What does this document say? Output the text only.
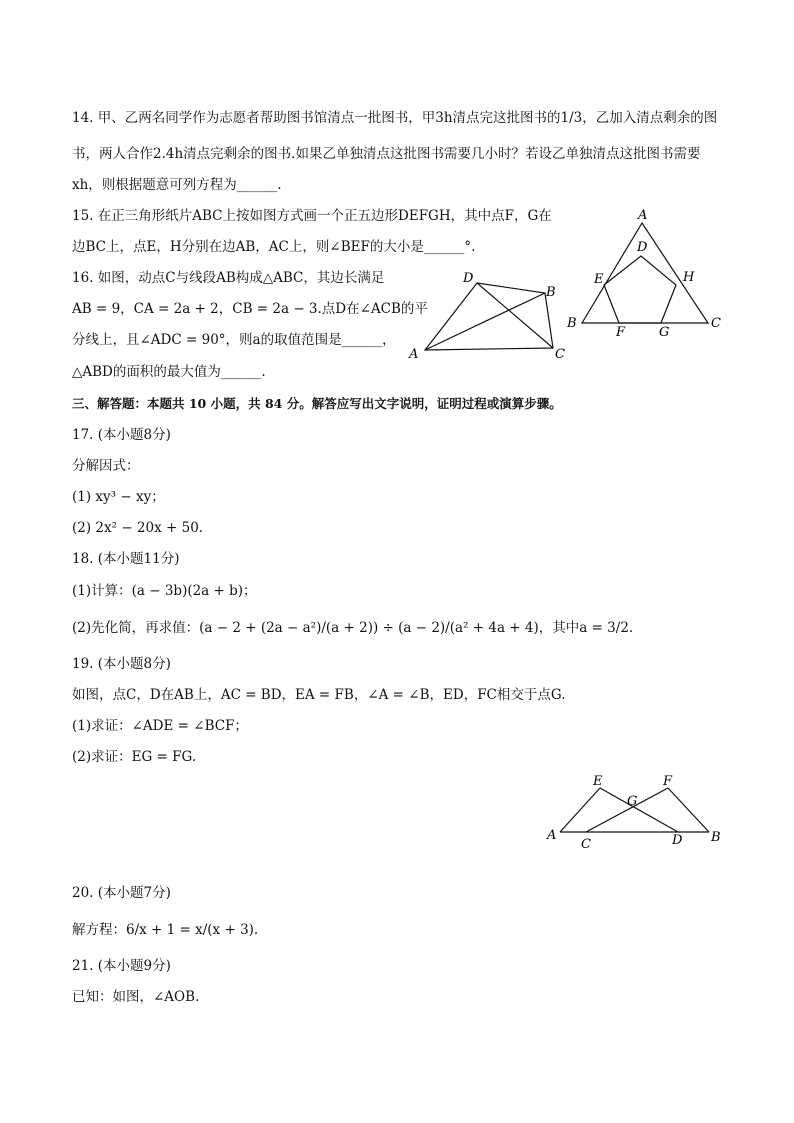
14. 甲、乙两名同学作为志愿者帮助图书馆清点一批图书，甲3h清点完这批图书的1/3，乙加入清点剩余的图
书，两人合作2.4h清点完剩余的图书.如果乙单独清点这批图书需要几小时？若设乙单独清点这批图书需要
xh，则根据题意可列方程为______.
15. 在正三角形纸片ABC上按如图方式画一个正五边形DEFGH，其中点F，G在
边BC上，点E，H分别在边AB，AC上，则∠BEF的大小是______°.
16. 如图，动点C与线段AB构成△ABC，其边长满足
AB = 9，CA = 2a + 2，CB = 2a − 3.点D在∠ACB的平
分线上，且∠ADC = 90°，则a的取值范围是______，
△ABD的面积的最大值为______.
三、解答题：本题共 10 小题，共 84 分。解答应写出文字说明，证明过程或演算步骤。
17. (本小题8分)
分解因式：
(1) xy³ − xy；
(2) 2x² − 20x + 50.
18. (本小题11分)
(1)计算：(a − 3b)(2a + b)；
(2)先化简，再求值：(a − 2 + (2a − a²)/(a + 2)) ÷ (a − 2)/(a² + 4a + 4)，其中a = 3/2.
19. (本小题8分)
如图，点C，D在AB上，AC = BD，EA = FB，∠A = ∠B，ED，FC相交于点G.
(1)求证：∠ADE = ∠BCF；
(2)求证：EG = FG.
20. (本小题7分)
解方程：6/x + 1 = x/(x + 3).
21. (本小题9分)
已知：如图，∠AOB.
D
B
A	C
A
D
E	H
B
F	G
C
E	F
G
A
C	D B
